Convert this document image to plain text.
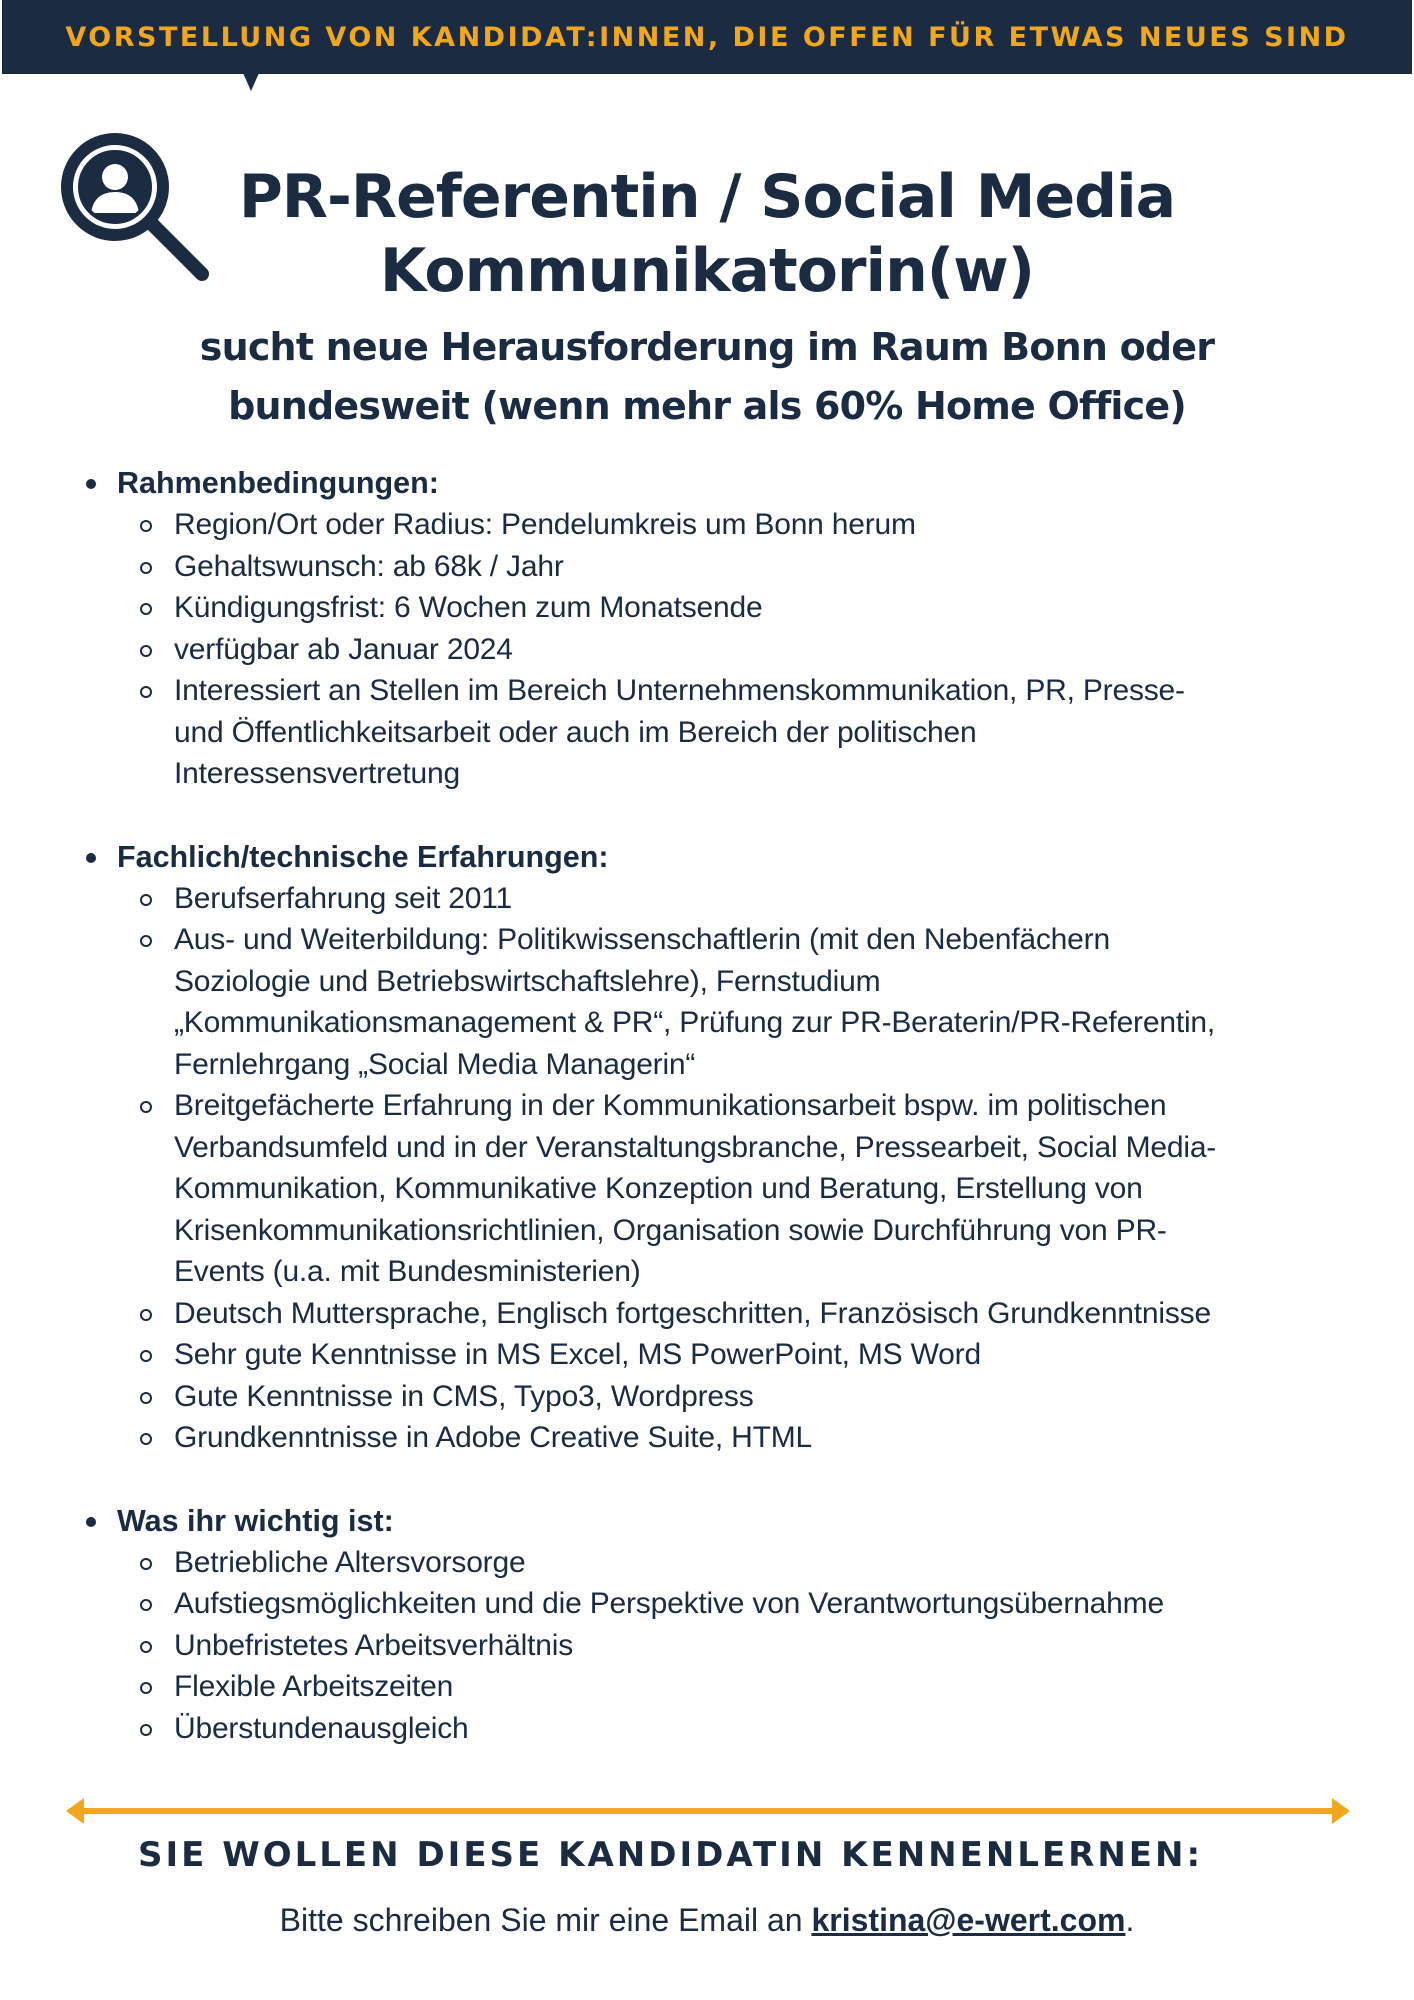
VORSTELLUNG VON KANDIDAT:INNEN, DIE OFFEN FÜR ETWAS NEUES SIND
PR-Referentin / Social Media
Kommunikatorin(w)
sucht neue Herausforderung im Raum Bonn oder
bundesweit (wenn mehr als 60% Home Office)
Rahmenbedingungen:
Region/Ort oder Radius: Pendelumkreis um Bonn herum
Gehaltswunsch: ab 68k / Jahr
Kündigungsfrist: 6 Wochen zum Monatsende
verfügbar ab Januar 2024
Interessiert an Stellen im Bereich Unternehmenskommunikation, PR, Presse-
und Öffentlichkeitsarbeit oder auch im Bereich der politischen
Interessensvertretung
Fachlich/technische Erfahrungen:
Berufserfahrung seit 2011
Aus- und Weiterbildung: Politikwissenschaftlerin (mit den Nebenfächern
Soziologie und Betriebswirtschaftslehre), Fernstudium
„Kommunikationsmanagement & PR“, Prüfung zur PR-Beraterin/PR-Referentin,
Fernlehrgang „Social Media Managerin“
Breitgefächerte Erfahrung in der Kommunikationsarbeit bspw. im politischen
Verbandsumfeld und in der Veranstaltungsbranche, Pressearbeit, Social Media-
Kommunikation, Kommunikative Konzeption und Beratung, Erstellung von
Krisenkommunikationsrichtlinien, Organisation sowie Durchführung von PR-
Events (u.a. mit Bundesministerien)
Deutsch Muttersprache, Englisch fortgeschritten, Französisch Grundkenntnisse
Sehr gute Kenntnisse in MS Excel, MS PowerPoint, MS Word
Gute Kenntnisse in CMS, Typo3, Wordpress
Grundkenntnisse in Adobe Creative Suite, HTML
Was ihr wichtig ist:
Betriebliche Altersvorsorge
Aufstiegsmöglichkeiten und die Perspektive von Verantwortungsübernahme
Unbefristetes Arbeitsverhältnis
Flexible Arbeitszeiten
Überstundenausgleich
SIE WOLLEN DIESE KANDIDATIN KENNENLERNEN:
Bitte schreiben Sie mir eine Email an kristina@e-wert.com.
